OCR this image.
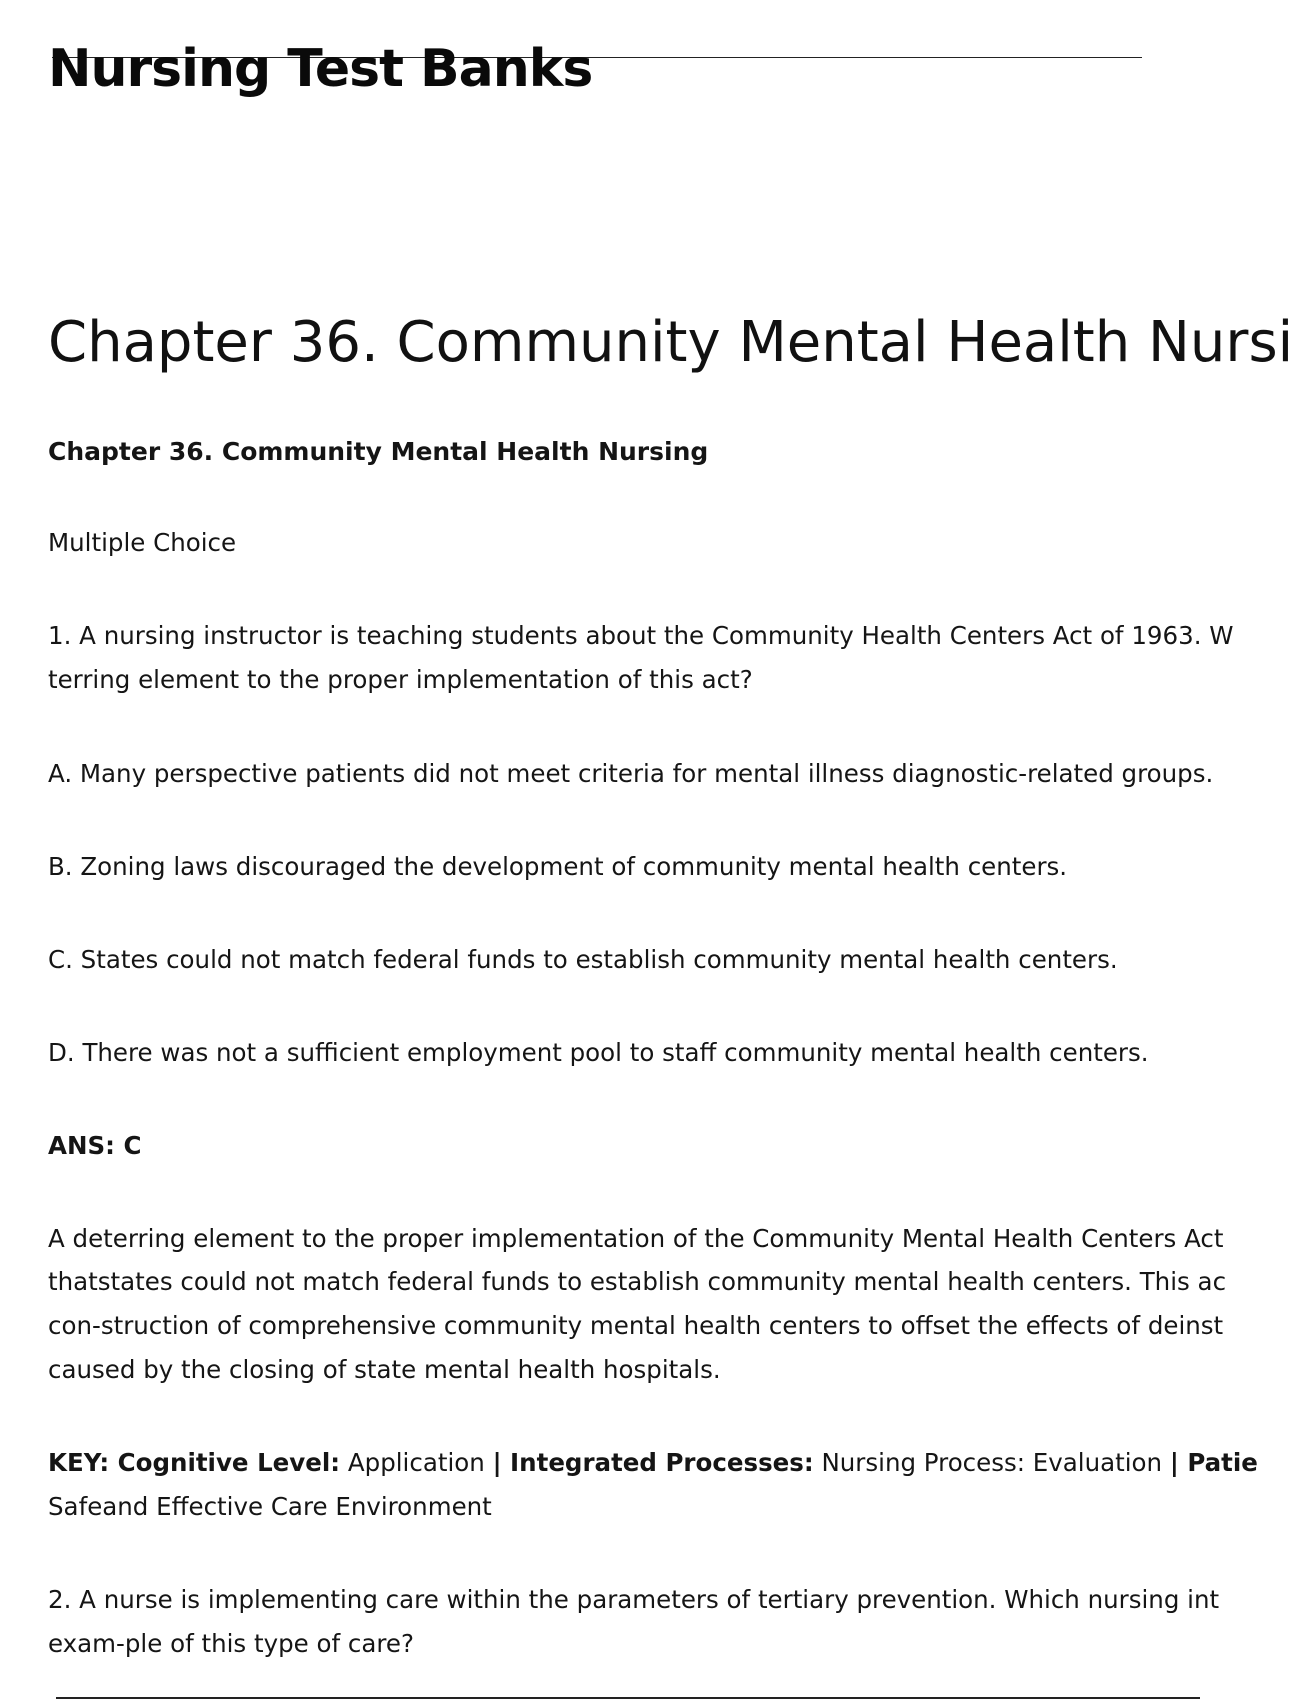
Nursing Test Banks
Chapter 36. Community Mental Health Nursi

Chapter 36. Community Mental Health Nursing

Multiple Choice

1. A nursing instructor is teaching students about the Community Health Centers Act of 1963. W

terring element to the proper implementation of this act?

A. Many perspective patients did not meet criteria for mental illness diagnostic-related groups.

B. Zoning laws discouraged the development of community mental health centers.

C. States could not match federal funds to establish community mental health centers.

D. There was not a sufficient employment pool to staff community mental health centers.

ANS: C

A deterring element to the proper implementation of the Community Mental Health Centers Act

thatstates could not match federal funds to establish community mental health centers. This ac

con-struction of comprehensive community mental health centers to offset the effects of deinst

caused by the closing of state mental health hospitals.

KEY: Cognitive Level: Application | Integrated Processes: Nursing Process: Evaluation | Patie

Safeand Effective Care Environment

2. A nurse is implementing care within the parameters of tertiary prevention. Which nursing int

exam-ple of this type of care?
